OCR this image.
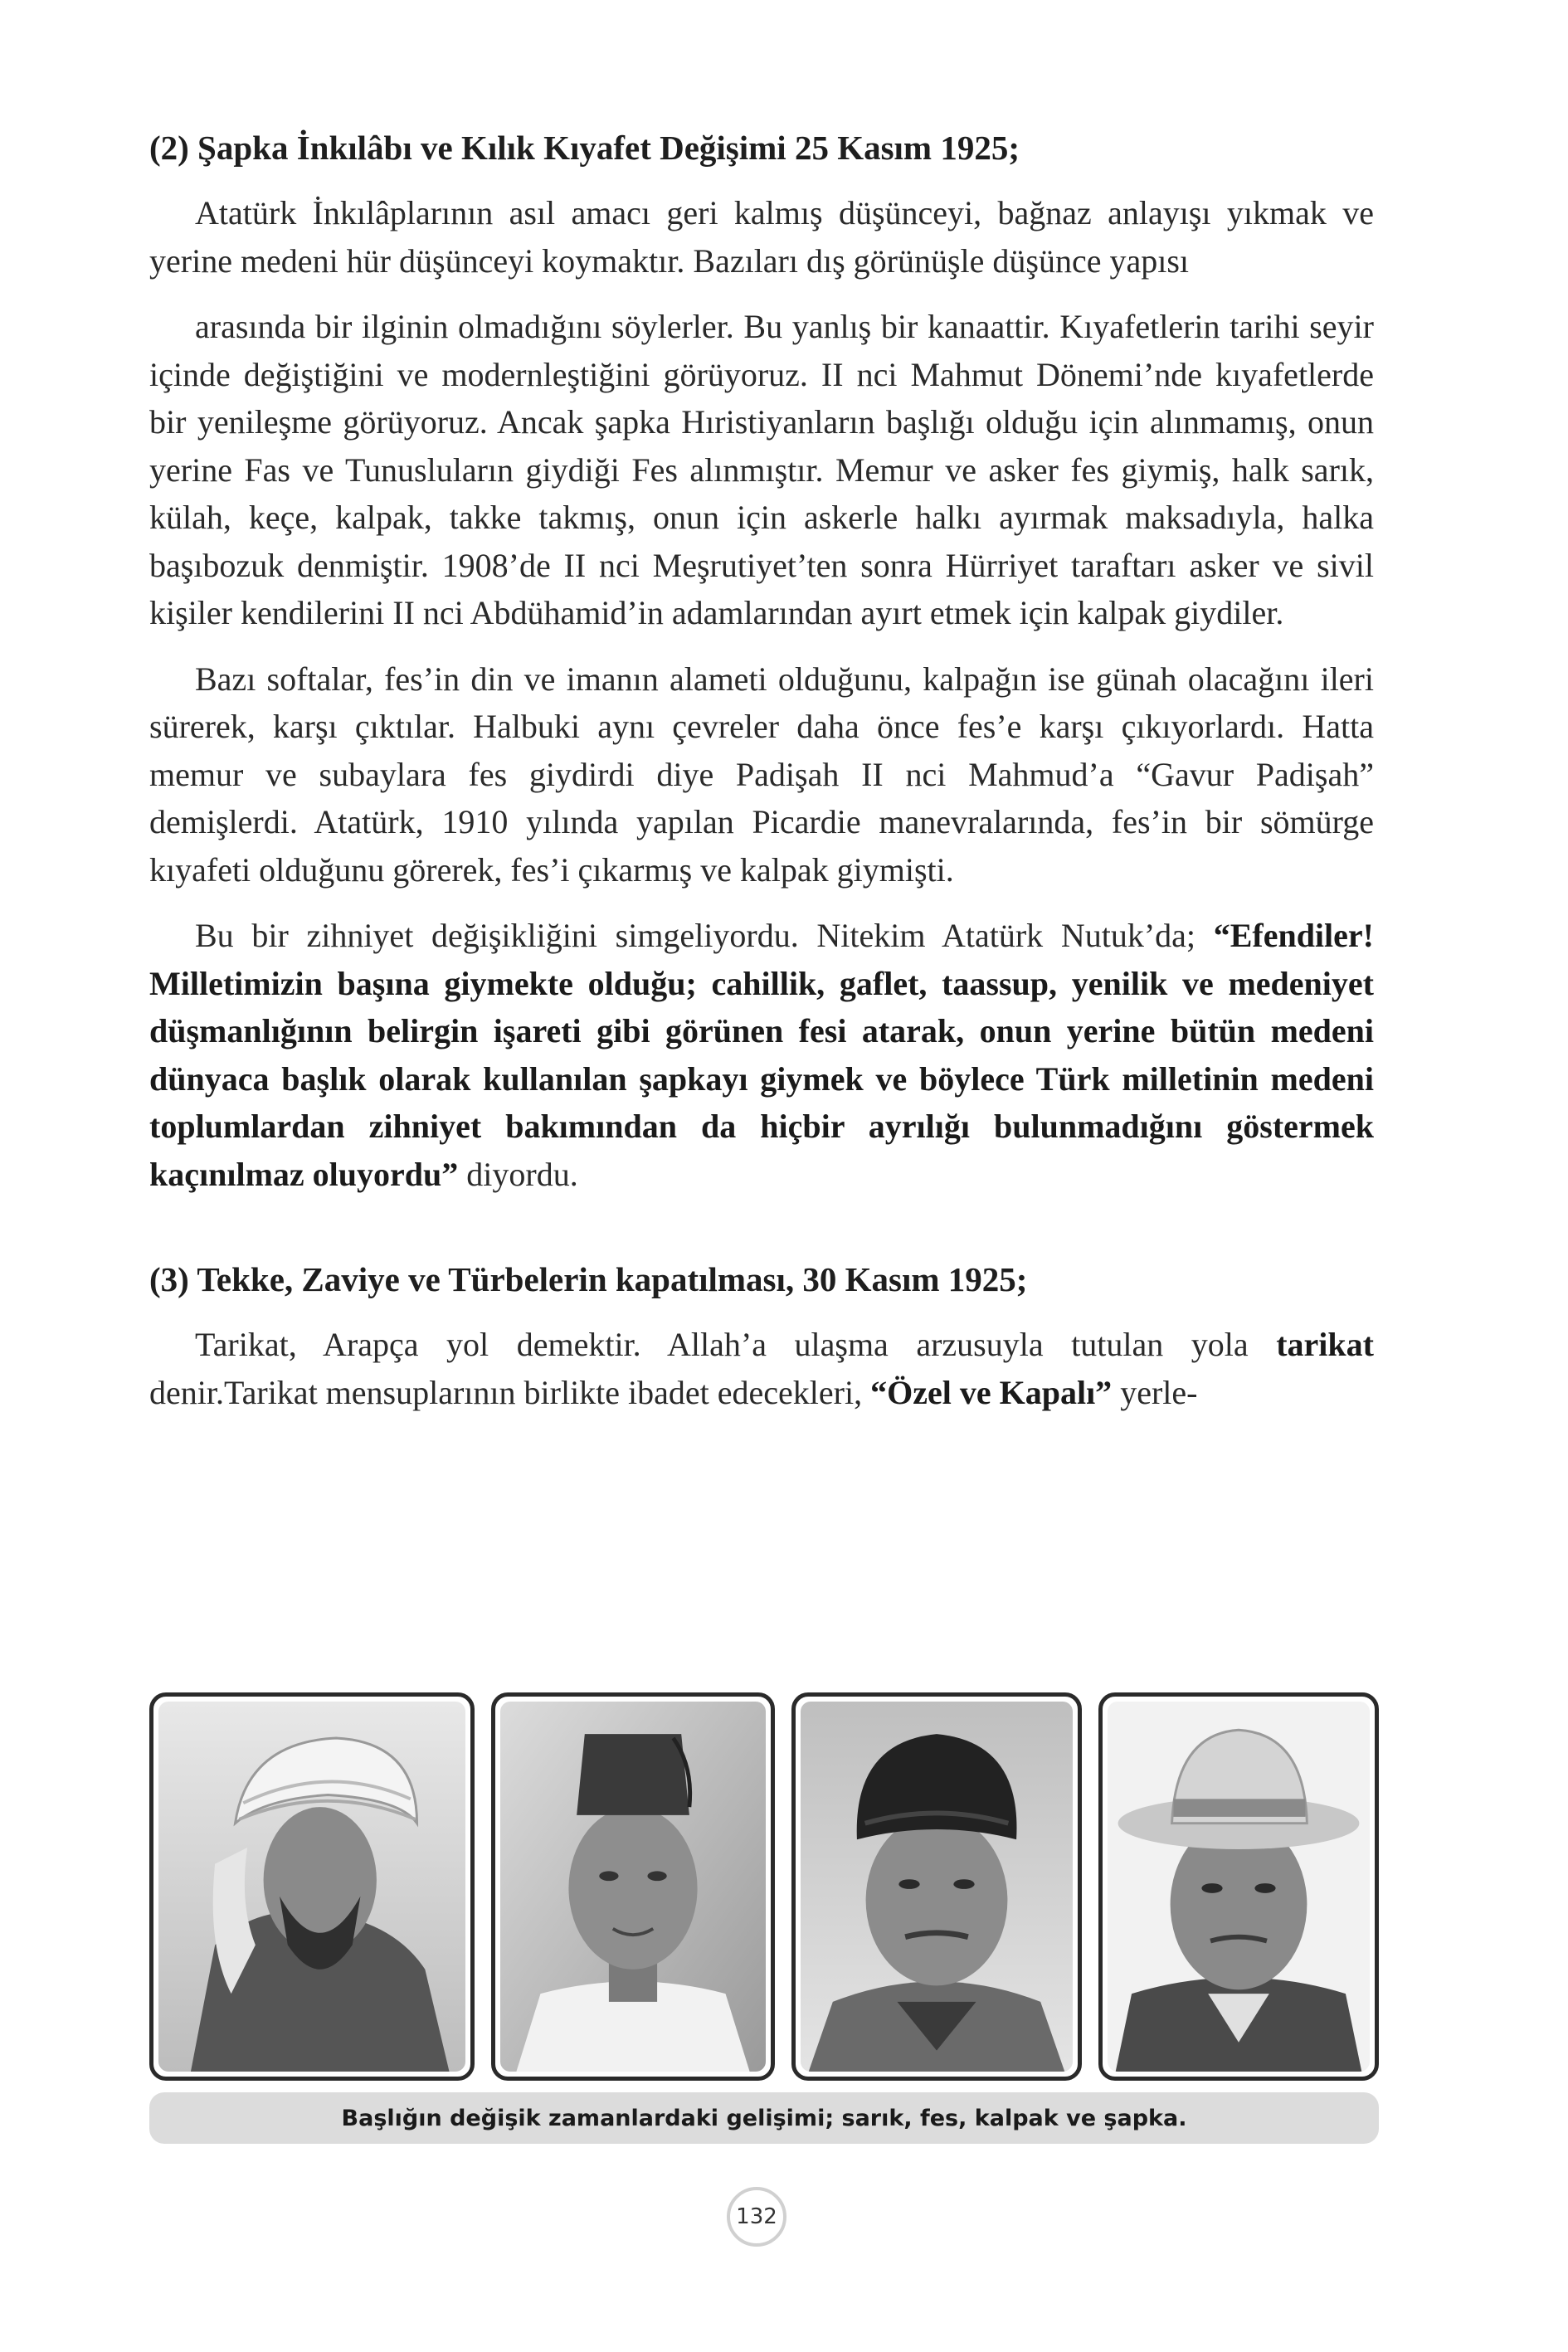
(2) Şapka İnkılâbı ve Kılık Kıyafet Değişimi 25 Kasım 1925;

Atatürk İnkılâplarının asıl amacı geri kalmış düşünceyi, bağnaz anlayışı yıkmak ve yerine medeni hür düşünceyi koymaktır. Bazıları dış görünüşle düşünce yapısı

arasında bir ilginin olmadığını söylerler. Bu yanlış bir kanaattir. Kıyafetlerin tarihi seyir içinde değiştiğini ve modernleştiğini görüyoruz. II nci Mahmut Dönemi’nde kıyafetlerde bir yenileşme görüyoruz. Ancak şapka Hıristiyanların başlığı olduğu için alınmamış, onun yerine Fas ve Tunusluların giydiği Fes alınmıştır. Memur ve asker fes giymiş, halk sarık, külah, keçe, kalpak, takke takmış, onun için askerle halkı ayırmak maksadıyla, halka başıbozuk denmiştir. 1908’de II nci Meşrutiyet’ten sonra Hürriyet taraftarı asker ve sivil kişiler kendilerini II nci Abdühamid’in adamlarından ayırt etmek için kalpak giydiler.

Bazı softalar, fes’in din ve imanın alameti olduğunu, kalpağın ise günah olacağını ileri sürerek, karşı çıktılar. Halbuki aynı çevreler daha önce fes’e karşı çıkıyorlardı. Hatta memur ve subaylara fes giydirdi diye Padişah II nci Mahmud’a “Gavur Padişah” demişlerdi. Atatürk, 1910 yılında yapılan Picardie manevralarında, fes’in bir sömürge kıyafeti olduğunu görerek, fes’i çıkarmış ve kalpak giymişti.

Bu bir zihniyet değişikliğini simgeliyordu. Nitekim Atatürk Nutuk’da; “Efendiler! Milletimizin başına giymekte olduğu; cahillik, gaflet, taassup, yenilik ve medeniyet düşmanlığının belirgin işareti gibi görünen fesi atarak, onun yerine bütün medeni dünyaca başlık olarak kullanılan şapkayı giymek ve böylece Türk milletinin medeni toplumlardan zihniyet bakımından da hiçbir ayrılığı bulunmadığını göstermek kaçınılmaz oluyordu” diyordu.

(3) Tekke, Zaviye ve Türbelerin kapatılması, 30 Kasım 1925;

Tarikat, Arapça yol demektir. Allah’a ulaşma arzusuyla tutulan yola tarikat denir.Tarikat mensuplarının birlikte ibadet edecekleri, “Özel ve Kapalı” yerle-

Başlığın değişik zamanlardaki gelişimi; sarık, fes, kalpak ve şapka.
132
